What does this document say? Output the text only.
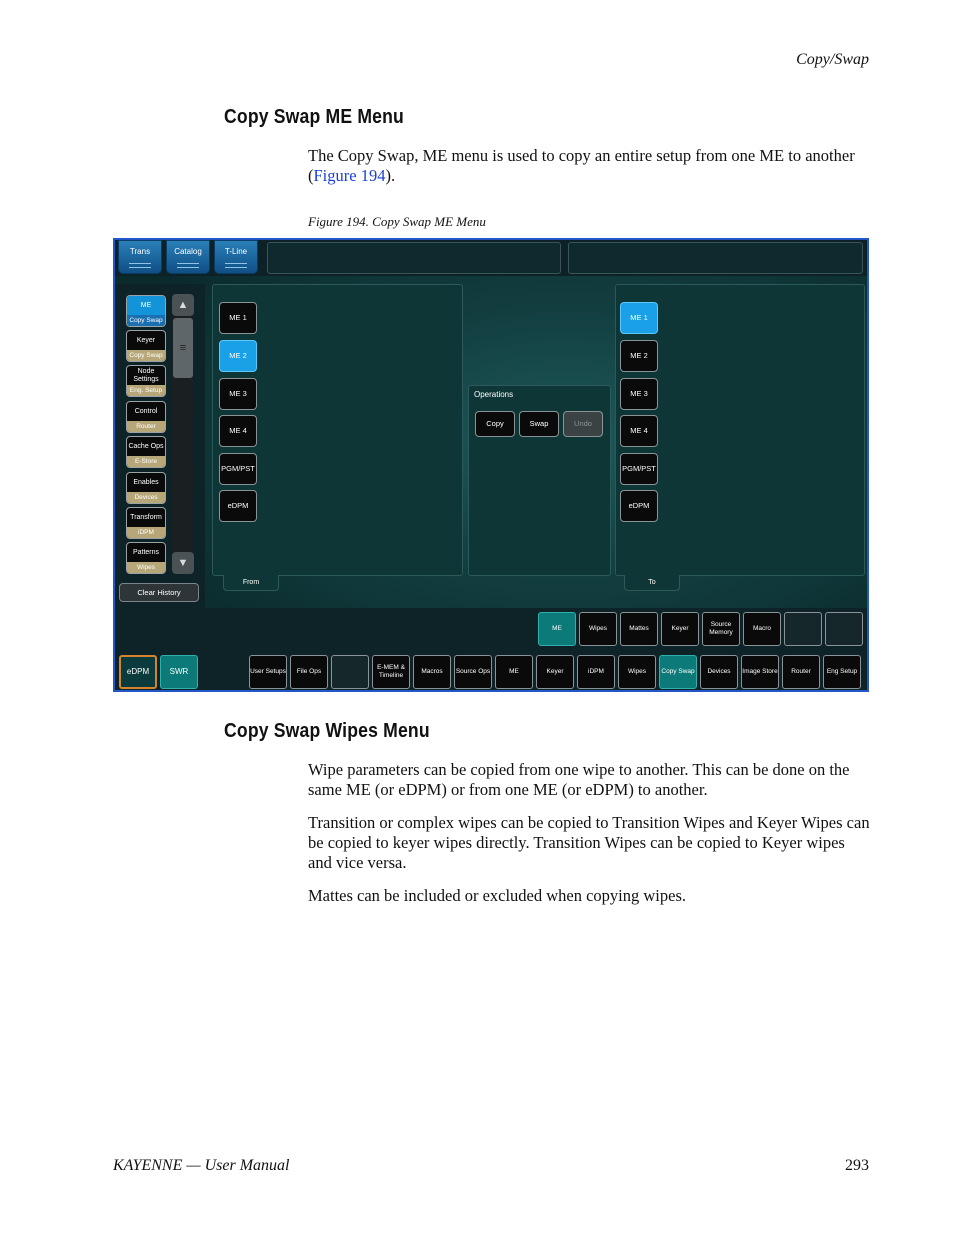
Copy/Swap
Copy Swap ME Menu

The Copy Swap, ME menu is used to copy an entire setup from one ME to another (Figure 194).

Figure 194. Copy Swap ME Menu
Trans	Catalog	T-Line
ME
Copy Swap
Keyer
Copy Swap
Node Settings
Eng. Setup
Control
Router
Cache Ops
E-Store
Enables
Devices
Transform
iDPM
Patterns
Wipes
▲
≡
▼
Clear History
From
ME 1
ME 2
ME 3
ME 4
PGM/PST
eDPM
Operations
Copy	Swap	Undo
To
ME 1
ME 2
ME 3
ME 4
PGM/PST
eDPM
ME	Wipes	Mattes	Keyer
Source Memory
Macro
eDPM	SWR	User Setups	File Ops
E-MEM & Timeline
Macros	Source Ops	ME	Keyer	iDPM	Wipes	Copy Swap	Devices	Image Store	Router	Eng Setup
Copy Swap Wipes Menu

Wipe parameters can be copied from one wipe to another. This can be done on the same ME (or eDPM) or from one ME (or eDPM) to another.

Transition or complex wipes can be copied to Transition Wipes and Keyer Wipes can be copied to keyer wipes directly. Transition Wipes can be copied to Keyer wipes and vice versa.

Mattes can be included or excluded when copying wipes.

KAYENNE — User Manual	293
